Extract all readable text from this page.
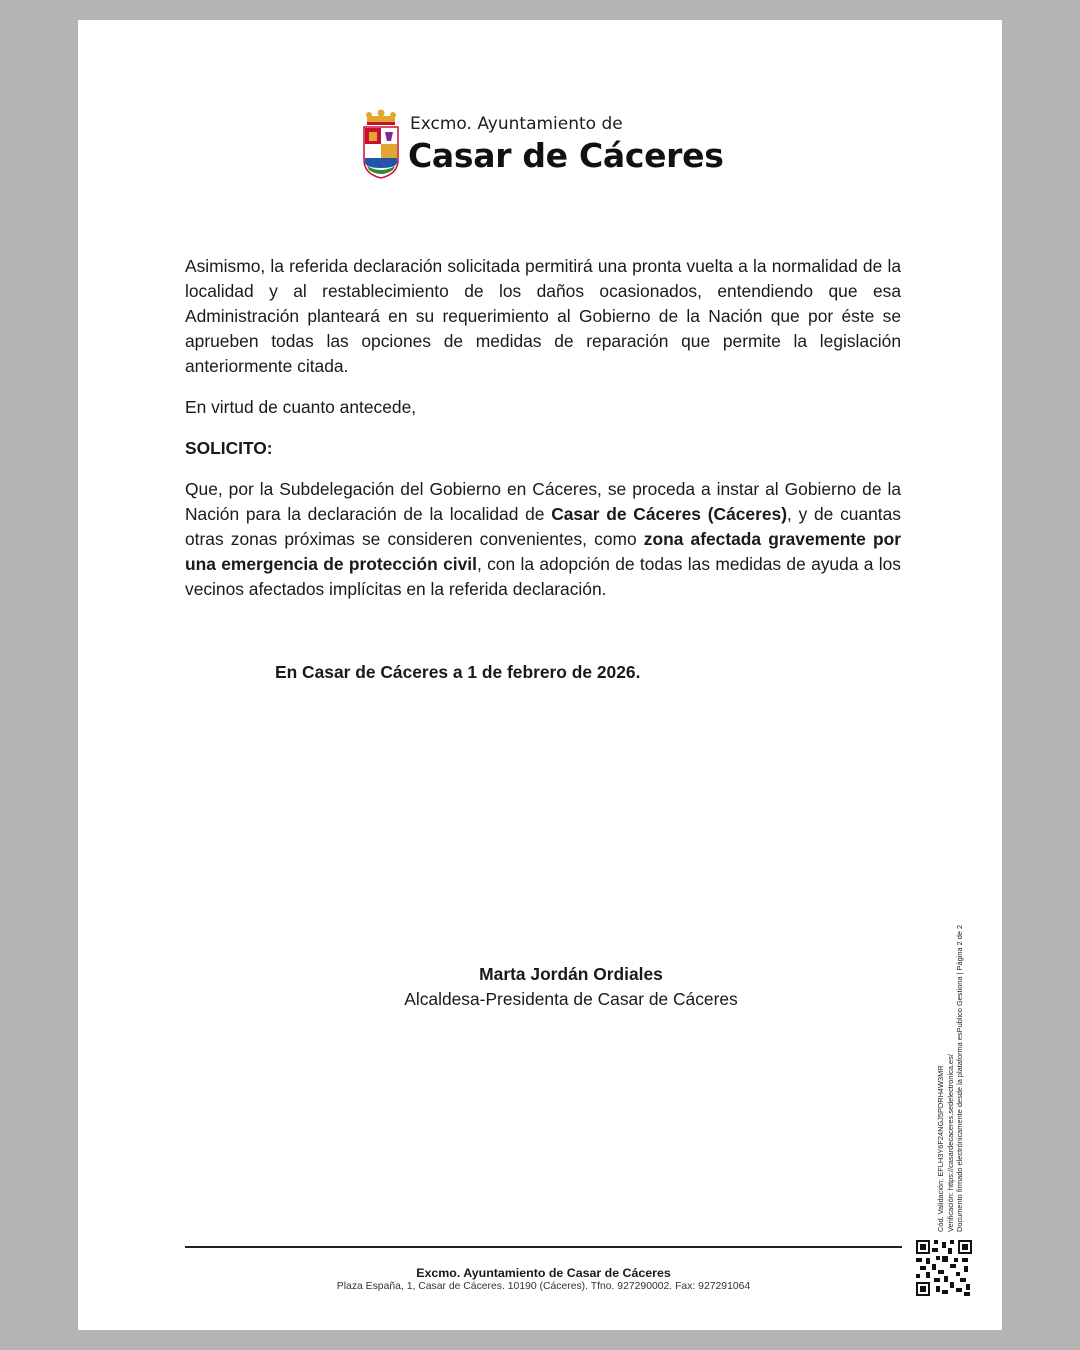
Excmo. Ayuntamiento de
Casar de Cáceres

Asimismo, la referida declaración solicitada permitirá una pronta vuelta a la normalidad de la localidad y al restablecimiento de los daños ocasionados, entendiendo que esa Administración planteará en su requerimiento al Gobierno de la Nación que por éste se aprueben todas las opciones de medidas de reparación que permite la legislación anteriormente citada.

En virtud de cuanto antecede,

SOLICITO:

Que, por la Subdelegación del Gobierno en Cáceres, se proceda a instar al Gobierno de la Nación para la declaración de la localidad de Casar de Cáceres (Cáceres), y de cuantas otras zonas próximas se consideren convenientes, como zona afectada gravemente por una emergencia de protección civil, con la adopción de todas las medidas de ayuda a los vecinos afectados implícitas en la referida declaración.

En Casar de Cáceres a 1 de febrero de 2026.
Marta Jordán Ordiales
Alcaldesa-Presidenta de Casar de Cáceres
Cód. Validación: EFLH3Y6F24NGJ5PDRH4W3MR Verificación: https://casardecaceres.sedelectronica.es/ Documento firmado electrónicamente desde la plataforma esPublico Gestiona | Página 2 de 2
Excmo. Ayuntamiento de Casar de Cáceres
Plaza España, 1, Casar de Cáceres. 10190 (Cáceres). Tfno. 927290002. Fax: 927291064
